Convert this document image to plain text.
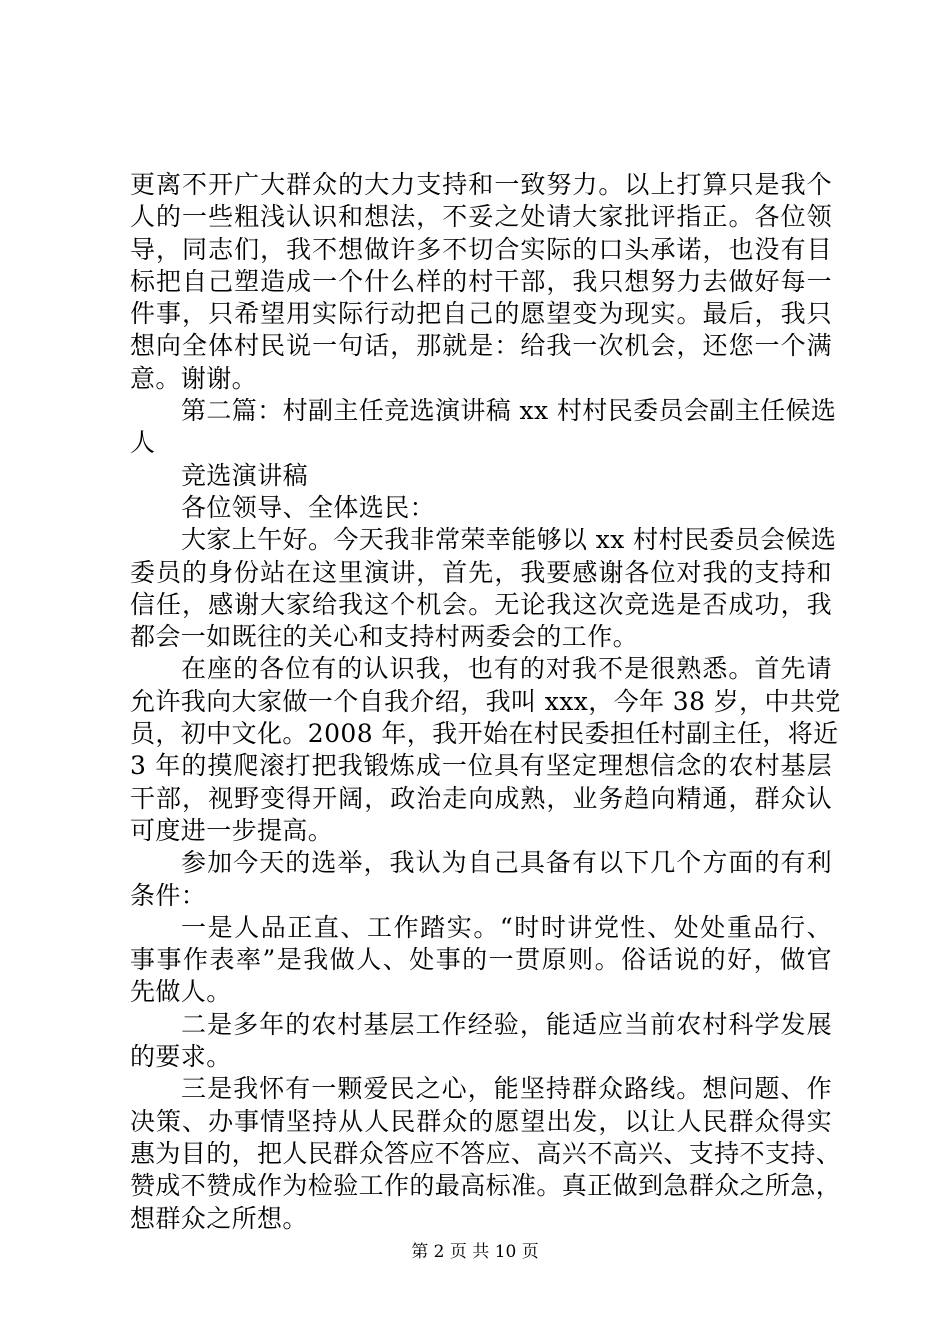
更离不开广大群众的大力支持和一致努力。以上打算只是我个
人的一些粗浅认识和想法，不妥之处请大家批评指正。各位领
导，同志们，我不想做许多不切合实际的口头承诺，也没有目
标把自己塑造成一个什么样的村干部，我只想努力去做好每一
件事，只希望用实际行动把自己的愿望变为现实。最后，我只
想向全体村民说一句话，那就是：给我一次机会，还您一个满
意。谢谢。
第二篇：村副主任竞选演讲稿 xx 村村民委员会副主任候选
人
竞选演讲稿
各位领导、全体选民：
大家上午好。今天我非常荣幸能够以 xx 村村民委员会候选
委员的身份站在这里演讲，首先，我要感谢各位对我的支持和
信任，感谢大家给我这个机会。无论我这次竞选是否成功，我
都会一如既往的关心和支持村两委会的工作。
在座的各位有的认识我，也有的对我不是很熟悉。首先请
允许我向大家做一个自我介绍，我叫 xxx，今年 38 岁，中共党
员，初中文化。2008 年，我开始在村民委担任村副主任，将近
3 年的摸爬滚打把我锻炼成一位具有坚定理想信念的农村基层
干部，视野变得开阔，政治走向成熟，业务趋向精通，群众认
可度进一步提高。
参加今天的选举，我认为自己具备有以下几个方面的有利
条件：
一是人品正直、工作踏实。“时时讲党性、处处重品行、
事事作表率”是我做人、处事的一贯原则。俗话说的好，做官
先做人。
二是多年的农村基层工作经验，能适应当前农村科学发展
的要求。
三是我怀有一颗爱民之心，能坚持群众路线。想问题、作
决策、办事情坚持从人民群众的愿望出发，以让人民群众得实
惠为目的，把人民群众答应不答应、高兴不高兴、支持不支持、
赞成不赞成作为检验工作的最高标准。真正做到急群众之所急，
想群众之所想。
第 2 页 共 10 页
